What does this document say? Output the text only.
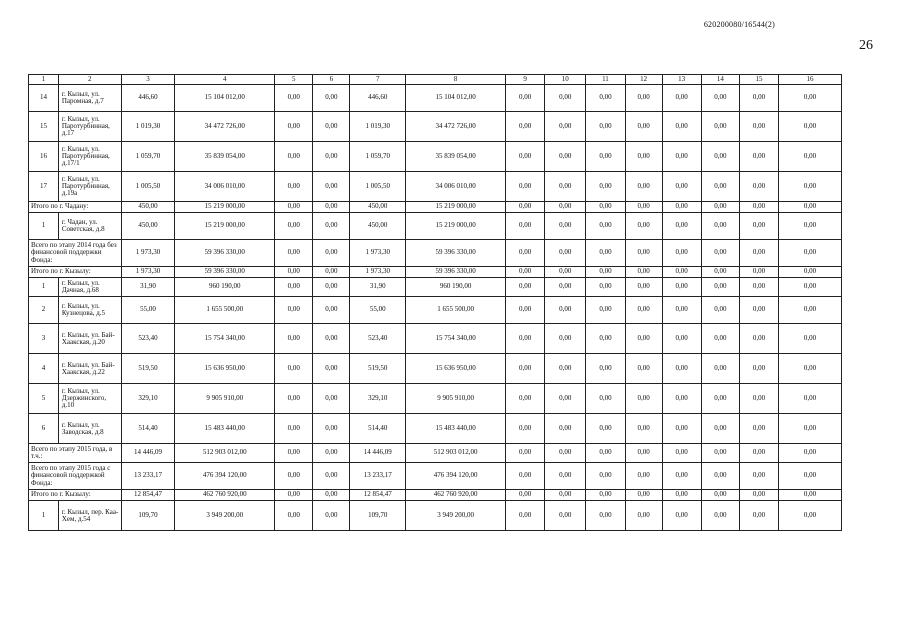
620200080/16544(2)
26
1	2	3	4	5	6	7	8	9	10	11	12	13	14	15	16
14	г. Кызыл, ул. Паромная, д.7	446,60	15 104 012,00	0,00	0,00	446,60	15 104 012,00	0,00	0,00	0,00	0,00	0,00	0,00	0,00	0,00
15	г. Кызыл, ул. Паротурбинная, д.17	1 019,30	34 472 726,00	0,00	0,00	1 019,30	34 472 726,00	0,00	0,00	0,00	0,00	0,00	0,00	0,00	0,00
16	г. Кызыл, ул. Паротурбинная, д.17/1	1 059,70	35 839 054,00	0,00	0,00	1 059,70	35 839 054,00	0,00	0,00	0,00	0,00	0,00	0,00	0,00	0,00
17	г. Кызыл, ул. Паротурбинная, д.19а	1 005,50	34 006 010,00	0,00	0,00	1 005,50	34 006 010,00	0,00	0,00	0,00	0,00	0,00	0,00	0,00	0,00
Итого по г. Чадану:		450,00	15 219 000,00	0,00	0,00	450,00	15 219 000,00	0,00	0,00	0,00	0,00	0,00	0,00	0,00	0,00
1	г. Чадан, ул. Советская, д.8	450,00	15 219 000,00	0,00	0,00	450,00	15 219 000,00	0,00	0,00	0,00	0,00	0,00	0,00	0,00	0,00
Всего по этапу 2014 года без финансовой поддержки Фонда:		1 973,30	59 396 330,00	0,00	0,00	1 973,30	59 396 330,00	0,00	0,00	0,00	0,00	0,00	0,00	0,00	0,00
Итого по г. Кызылу:		1 973,30	59 396 330,00	0,00	0,00	1 973,30	59 396 330,00	0,00	0,00	0,00	0,00	0,00	0,00	0,00	0,00
1	г. Кызыл, ул. Дачная, д.68	31,90	960 190,00	0,00	0,00	31,90	960 190,00	0,00	0,00	0,00	0,00	0,00	0,00	0,00	0,00
2	г. Кызыл, ул. Кузнецова, д.5	55,00	1 655 500,00	0,00	0,00	55,00	1 655 500,00	0,00	0,00	0,00	0,00	0,00	0,00	0,00	0,00
3	г. Кызыл, ул. Бай-Хаакская, д.20	523,40	15 754 340,00	0,00	0,00	523,40	15 754 340,00	0,00	0,00	0,00	0,00	0,00	0,00	0,00	0,00
4	г. Кызыл, ул. Бай-Хаакская, д.22	519,50	15 636 950,00	0,00	0,00	519,50	15 636 950,00	0,00	0,00	0,00	0,00	0,00	0,00	0,00	0,00
5	г. Кызыл, ул. Дзержинского, д.10	329,10	9 905 910,00	0,00	0,00	329,10	9 905 910,00	0,00	0,00	0,00	0,00	0,00	0,00	0,00	0,00
6	г. Кызыл, ул. Заводская, д.8	514,40	15 483 440,00	0,00	0,00	514,40	15 483 440,00	0,00	0,00	0,00	0,00	0,00	0,00	0,00	0,00
Всего по этапу 2015 года, в т.ч.:		14 446,09	512 903 012,00	0,00	0,00	14 446,09	512 903 012,00	0,00	0,00	0,00	0,00	0,00	0,00	0,00	0,00
Всего по этапу 2015 года с финансовой поддержкой Фонда:		13 233,17	476 394 120,00	0,00	0,00	13 233,17	476 394 120,00	0,00	0,00	0,00	0,00	0,00	0,00	0,00	0,00
Итого по г. Кызылу:		12 854,47	462 760 920,00	0,00	0,00	12 854,47	462 760 920,00	0,00	0,00	0,00	0,00	0,00	0,00	0,00	0,00
1	г. Кызыл, пер. Каа-Хем, д.54	109,70	3 949 200,00	0,00	0,00	109,70	3 949 200,00	0,00	0,00	0,00	0,00	0,00	0,00	0,00	0,00
